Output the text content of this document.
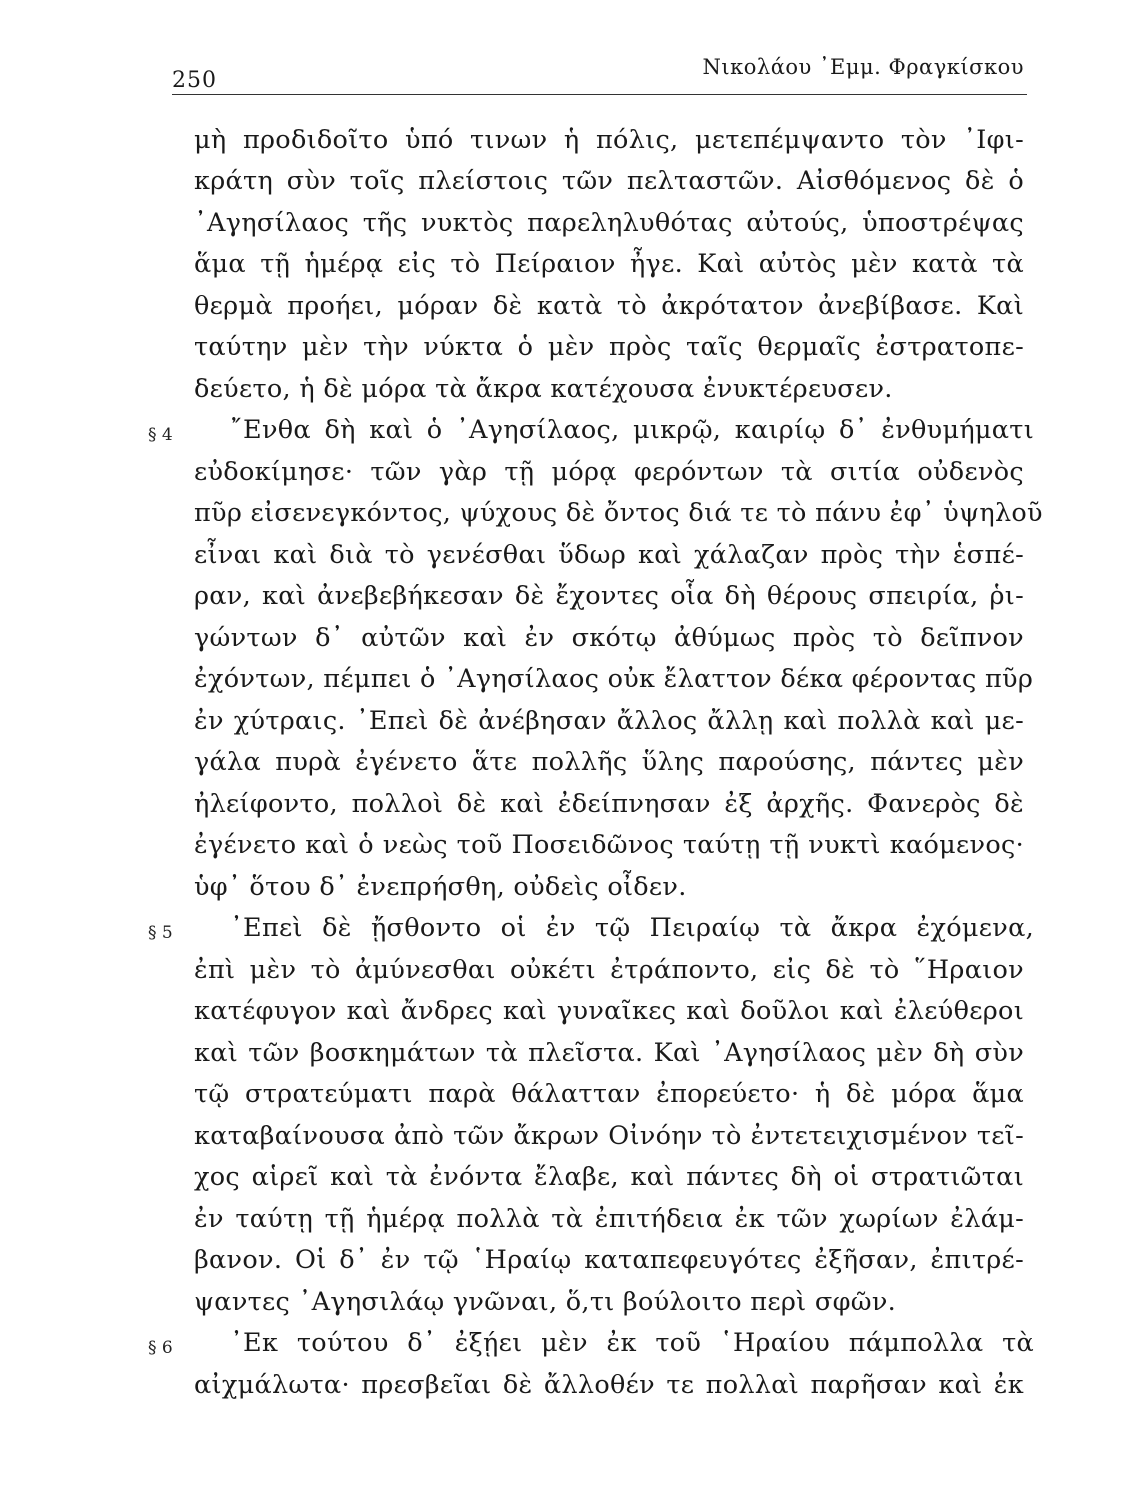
250
Νικολάου ᾿Εμμ. Φραγκίσκου
μὴ προδιδοῖτο ὑπό τινων ἡ πόλις, μετεπέμψαντο τὸν ᾿Ιφι-
κράτη σὺν τοῖς πλείστοις τῶν πελταστῶν. Αἰσθόμενος δὲ ὁ
᾿Αγησίλαος τῆς νυκτὸς παρεληλυθότας αὐτούς, ὑποστρέψας
ἅμα τῇ ἡμέρᾳ εἰς τὸ Πείραιον ἦγε. Καὶ αὐτὸς μὲν κατὰ τὰ
θερμὰ προήει, μόραν δὲ κατὰ τὸ ἀκρότατον ἀνεβίβασε. Καὶ
ταύτην μὲν τὴν νύκτα ὁ μὲν πρὸς ταῖς θερμαῖς ἐστρατοπε-
δεύετο, ἡ δὲ μόρα τὰ ἄκρα κατέχουσα ἐνυκτέρευσεν.
§ 4 ῎Ενθα δὴ καὶ ὁ ᾿Αγησίλαος, μικρῷ, καιρίῳ δ᾿ ἐνθυμήματι
εὐδοκίμησε· τῶν γὰρ τῇ μόρᾳ φερόντων τὰ σιτία οὐδενὸς
πῦρ εἰσενεγκόντος, ψύχους δὲ ὄντος διά τε τὸ πάνυ ἐφ᾿ ὑψηλοῦ
εἶναι καὶ διὰ τὸ γενέσθαι ὕδωρ καὶ χάλαζαν πρὸς τὴν ἑσπέ-
ραν, καὶ ἀνεβεβήκεσαν δὲ ἔχοντες οἷα δὴ θέρους σπειρία, ῥι-
γώντων δ᾿ αὐτῶν καὶ ἐν σκότῳ ἀθύμως πρὸς τὸ δεῖπνον
ἐχόντων, πέμπει ὁ ᾿Αγησίλαος οὐκ ἔλαττον δέκα φέροντας πῦρ
ἐν χύτραις. ᾿Επεὶ δὲ ἀνέβησαν ἄλλος ἄλλῃ καὶ πολλὰ καὶ με-
γάλα πυρὰ ἐγένετο ἅτε πολλῆς ὕλης παρούσης, πάντες μὲν
ἠλείφοντο, πολλοὶ δὲ καὶ ἐδείπνησαν ἐξ ἀρχῆς. Φανερὸς δὲ
ἐγένετο καὶ ὁ νεὼς τοῦ Ποσειδῶνος ταύτῃ τῇ νυκτὶ καόμενος·
ὑφ᾿ ὅτου δ᾿ ἐνεπρήσθη, οὐδεὶς οἶδεν.
§ 5 ᾿Επεὶ δὲ ᾔσθοντο οἱ ἐν τῷ Πειραίῳ τὰ ἄκρα ἐχόμενα,
ἐπὶ μὲν τὸ ἀμύνεσθαι οὐκέτι ἐτράποντο, εἰς δὲ τὸ ῞Ηραιον
κατέφυγον καὶ ἄνδρες καὶ γυναῖκες καὶ δοῦλοι καὶ ἐλεύθεροι
καὶ τῶν βοσκημάτων τὰ πλεῖστα. Καὶ ᾿Αγησίλαος μὲν δὴ σὺν
τῷ στρατεύματι παρὰ θάλατταν ἐπορεύετο· ἡ δὲ μόρα ἅμα
καταβαίνουσα ἀπὸ τῶν ἄκρων Οἰνόην τὸ ἐντετειχισμένον τεῖ-
χος αἱρεῖ καὶ τὰ ἐνόντα ἔλαβε, καὶ πάντες δὴ οἱ στρατιῶται
ἐν ταύτῃ τῇ ἡμέρᾳ πολλὰ τὰ ἐπιτήδεια ἐκ τῶν χωρίων ἐλάμ-
βανον. Οἱ δ᾿ ἐν τῷ ῾Ηραίῳ καταπεφευγότες ἐξῆσαν, ἐπιτρέ-
ψαντες ᾿Αγησιλάῳ γνῶναι, ὅ,τι βούλοιτο περὶ σφῶν.
§ 6 ᾿Εκ τούτου δ᾿ ἐξῄει μὲν ἐκ τοῦ ῾Ηραίου πάμπολλα τὰ
αἰχμάλωτα· πρεσβεῖαι δὲ ἄλλοθέν τε πολλαὶ παρῆσαν καὶ ἐκ
